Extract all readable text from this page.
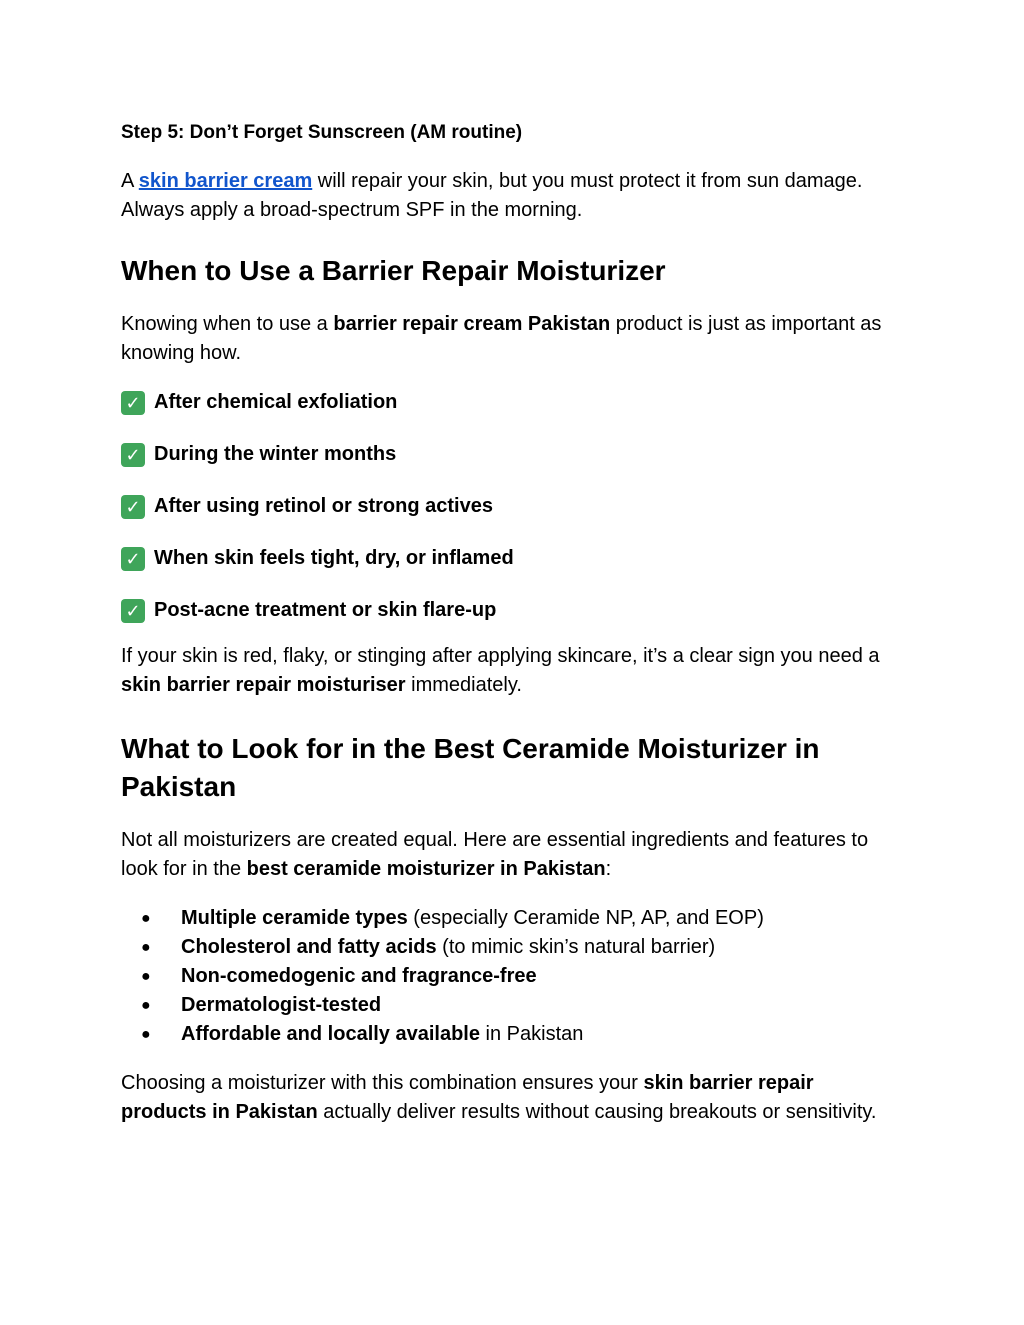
Step 5: Don’t Forget Sunscreen (AM routine)

A skin barrier cream will repair your skin, but you must protect it from sun damage. Always apply a broad-spectrum SPF in the morning.

When to Use a Barrier Repair Moisturizer

Knowing when to use a barrier repair cream Pakistan product is just as important as knowing how.

✓ After chemical exfoliation
✓ During the winter months
✓ After using retinol or strong actives
✓ When skin feels tight, dry, or inflamed
✓ Post-acne treatment or skin flare-up

If your skin is red, flaky, or stinging after applying skincare, it’s a clear sign you need a skin barrier repair moisturiser immediately.

What to Look for in the Best Ceramide Moisturizer in Pakistan

Not all moisturizers are created equal. Here are essential ingredients and features to look for in the best ceramide moisturizer in Pakistan:

● Multiple ceramide types (especially Ceramide NP, AP, and EOP)
● Cholesterol and fatty acids (to mimic skin’s natural barrier)
● Non-comedogenic and fragrance-free
● Dermatologist-tested
● Affordable and locally available in Pakistan

Choosing a moisturizer with this combination ensures your skin barrier repair products in Pakistan actually deliver results without causing breakouts or sensitivity.
